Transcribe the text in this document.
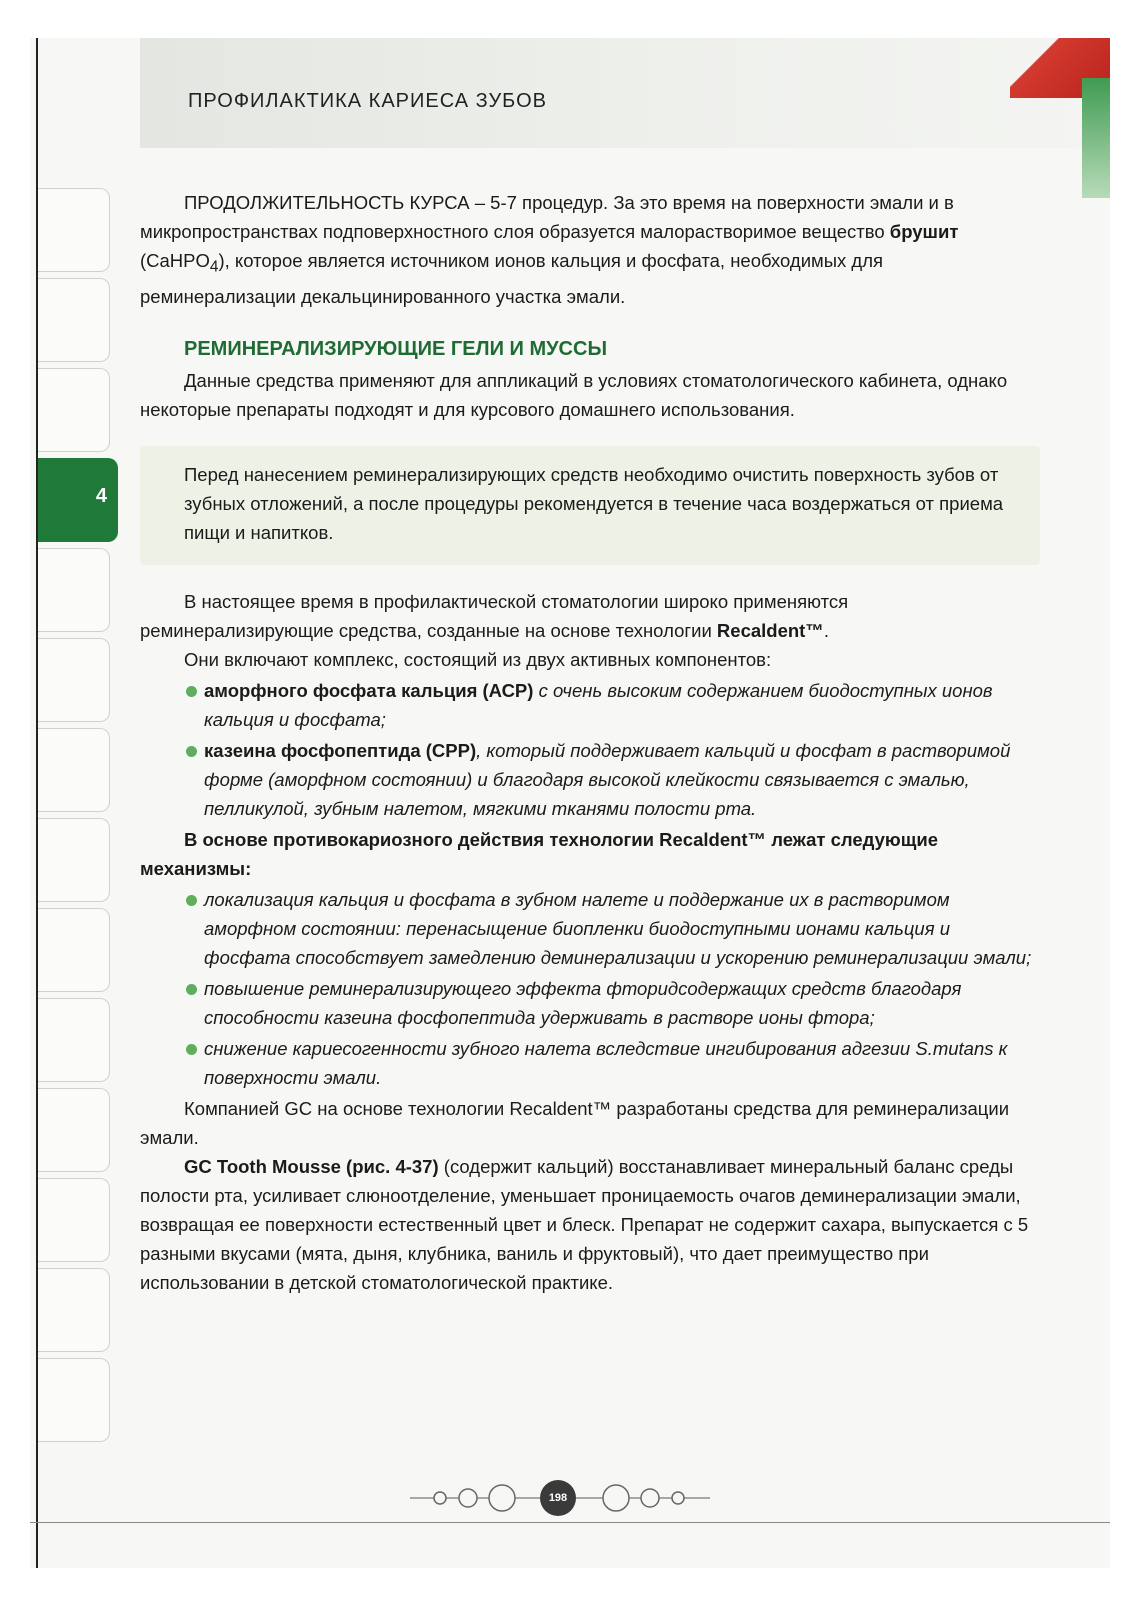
ПРОФИЛАКТИКА КАРИЕСА ЗУБОВ
4

ПРОДОЛЖИТЕЛЬНОСТЬ КУРСА – 5-7 процедур. За это время на поверхности эмали и в микропространствах подповерхностного слоя образуется малорастворимое вещество брушит (CaHPO$_4$), которое является источником ионов кальция и фосфата, необходимых для реминерализации декальцинированного участка эмали.

РЕМИНЕРАЛИЗИРУЮЩИЕ ГЕЛИ И МУССЫ

Данные средства применяют для аппликаций в условиях стоматологического кабинета, однако некоторые препараты подходят и для курсового домашнего использования.

Перед нанесением реминерализирующих средств необходимо очистить поверхность зубов от зубных отложений, а после процедуры рекомендуется в течение часа воздержаться от приема пищи и напитков.

В настоящее время в профилактической стоматологии широко применяются реминерализирующие средства, созданные на основе технологии Recaldent™.

Они включают комплекс, состоящий из двух активных компонентов:

аморфного фосфата кальция (АСР) с очень высоким содержанием биодоступных ионов кальция и фосфата;
казеина фосфопептида (СРР), который поддерживает кальций и фосфат в растворимой форме (аморфном состоянии) и благодаря высокой клейкости связывается с эмалью, пелликулой, зубным налетом, мягкими тканями полости рта.

В основе противокариозного действия технологии Recaldent™ лежат следующие механизмы:

локализация кальция и фосфата в зубном налете и поддержание их в растворимом аморфном состоянии: перенасыщение биопленки биодоступными ионами кальция и фосфата способствует замедлению деминерализации и ускорению реминерализации эмали;
повышение реминерализирующего эффекта фторидсодержащих средств благодаря способности казеина фосфопептида удерживать в растворе ионы фтора;
снижение кариесогенности зубного налета вследствие ингибирования адгезии S.mutans к поверхности эмали.

Компанией GC на основе технологии Recaldent™ разработаны средства для реминерализации эмали.

GC Tooth Mousse (рис. 4-37) (содержит кальций) восстанавливает минеральный баланс среды полости рта, усиливает слюноотделение, уменьшает проницаемость очагов деминерализации эмали, возвращая ее поверхности естественный цвет и блеск. Препарат не содержит сахара, выпускается с 5 разными вкусами (мята, дыня, клубника, ваниль и фруктовый), что дает преимущество при использовании в детской стоматологической практике.

198
